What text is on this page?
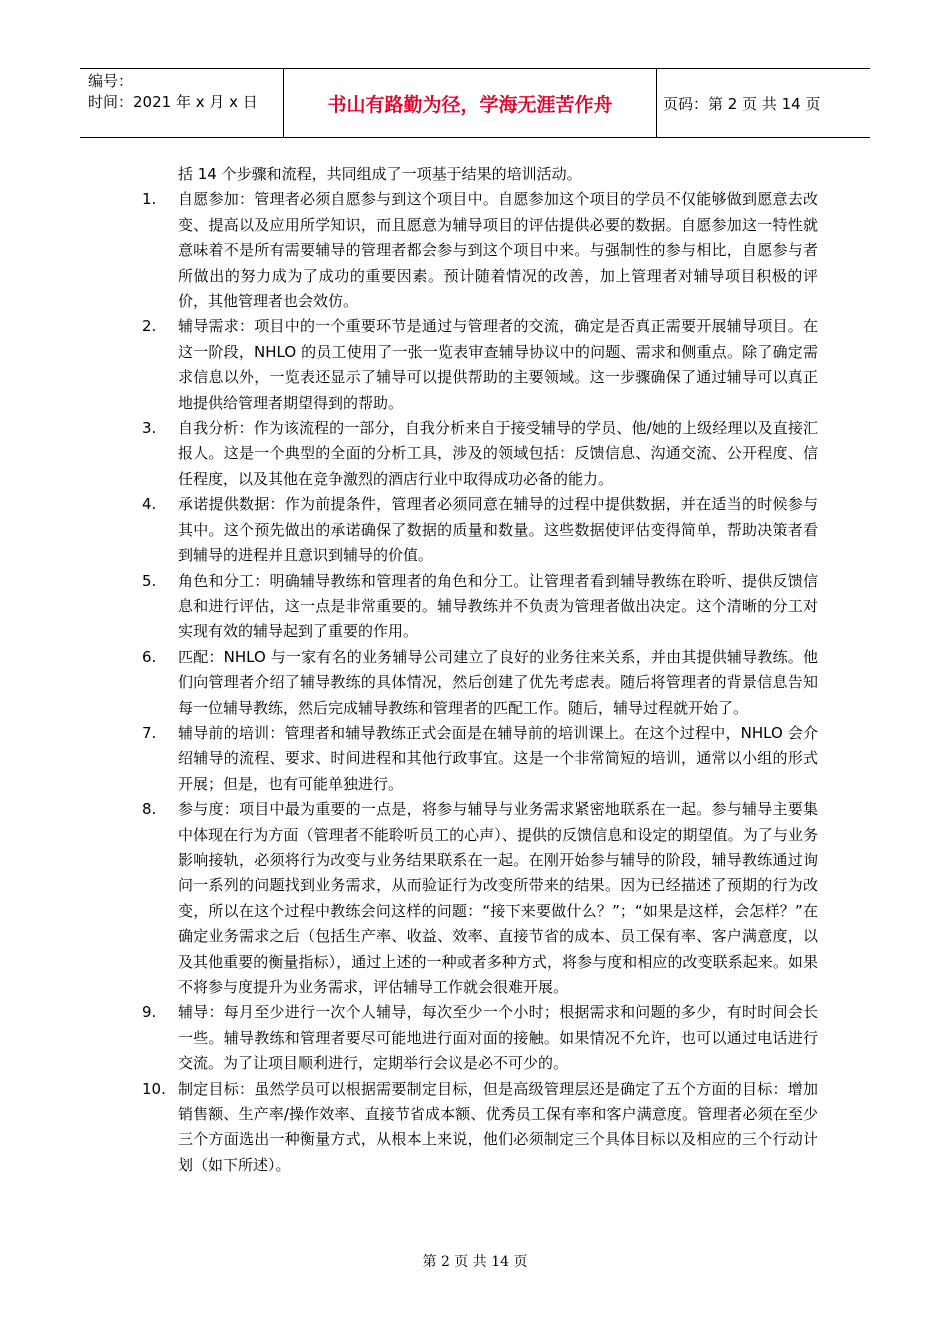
编号：
时间：2021 年 x 月 x 日	书山有路勤为径，学海无涯苦作舟	页码：第 2 页 共 14 页

括 14 个步骤和流程，共同组成了一项基于结果的培训活动。

1.	自愿参加：管理者必须自愿参与到这个项目中。自愿参加这个项目的学员不仅能够做到愿意去改变、提高以及应用所学知识，而且愿意为辅导项目的评估提供必要的数据。自愿参加这一特性就意味着不是所有需要辅导的管理者都会参与到这个项目中来。与强制性的参与相比，自愿参与者所做出的努力成为了成功的重要因素。预计随着情况的改善，加上管理者对辅导项目积极的评价，其他管理者也会效仿。

2.	辅导需求：项目中的一个重要环节是通过与管理者的交流，确定是否真正需要开展辅导项目。在这一阶段，NHLO 的员工使用了一张一览表审查辅导协议中的问题、需求和侧重点。除了确定需求信息以外，一览表还显示了辅导可以提供帮助的主要领域。这一步骤确保了通过辅导可以真正地提供给管理者期望得到的帮助。

3.	自我分析：作为该流程的一部分，自我分析来自于接受辅导的学员、他/她的上级经理以及直接汇报人。这是一个典型的全面的分析工具，涉及的领域包括：反馈信息、沟通交流、公开程度、信任程度，以及其他在竞争激烈的酒店行业中取得成功必备的能力。

4.	承诺提供数据：作为前提条件，管理者必须同意在辅导的过程中提供数据，并在适当的时候参与其中。这个预先做出的承诺确保了数据的质量和数量。这些数据使评估变得简单，帮助决策者看到辅导的进程并且意识到辅导的价值。

5.	角色和分工：明确辅导教练和管理者的角色和分工。让管理者看到辅导教练在聆听、提供反馈信息和进行评估，这一点是非常重要的。辅导教练并不负责为管理者做出决定。这个清晰的分工对实现有效的辅导起到了重要的作用。

6.	匹配：NHLO 与一家有名的业务辅导公司建立了良好的业务往来关系，并由其提供辅导教练。他们向管理者介绍了辅导教练的具体情况，然后创建了优先考虑表。随后将管理者的背景信息告知每一位辅导教练，然后完成辅导教练和管理者的匹配工作。随后，辅导过程就开始了。

7.	辅导前的培训：管理者和辅导教练正式会面是在辅导前的培训课上。在这个过程中，NHLO 会介绍辅导的流程、要求、时间进程和其他行政事宜。这是一个非常简短的培训，通常以小组的形式开展；但是，也有可能单独进行。

8.	参与度：项目中最为重要的一点是，将参与辅导与业务需求紧密地联系在一起。参与辅导主要集中体现在行为方面（管理者不能聆听员工的心声）、提供的反馈信息和设定的期望值。为了与业务影响接轨，必须将行为改变与业务结果联系在一起。在刚开始参与辅导的阶段，辅导教练通过询问一系列的问题找到业务需求，从而验证行为改变所带来的结果。因为已经描述了预期的行为改变，所以在这个过程中教练会问这样的问题：“接下来要做什么？”；“如果是这样，会怎样？”在确定业务需求之后（包括生产率、收益、效率、直接节省的成本、员工保有率、客户满意度，以及其他重要的衡量指标），通过上述的一种或者多种方式，将参与度和相应的改变联系起来。如果不将参与度提升为业务需求，评估辅导工作就会很难开展。

9.	辅导：每月至少进行一次个人辅导，每次至少一个小时；根据需求和问题的多少，有时时间会长一些。辅导教练和管理者要尽可能地进行面对面的接触。如果情况不允许，也可以通过电话进行交流。为了让项目顺利进行，定期举行会议是必不可少的。

10. 制定目标：虽然学员可以根据需要制定目标，但是高级管理层还是确定了五个方面的目标：增加销售额、生产率/操作效率、直接节省成本额、优秀员工保有率和客户满意度。管理者必须在至少三个方面选出一种衡量方式，从根本上来说，他们必须制定三个具体目标以及相应的三个行动计划（如下所述）。

第 2 页 共 14 页
